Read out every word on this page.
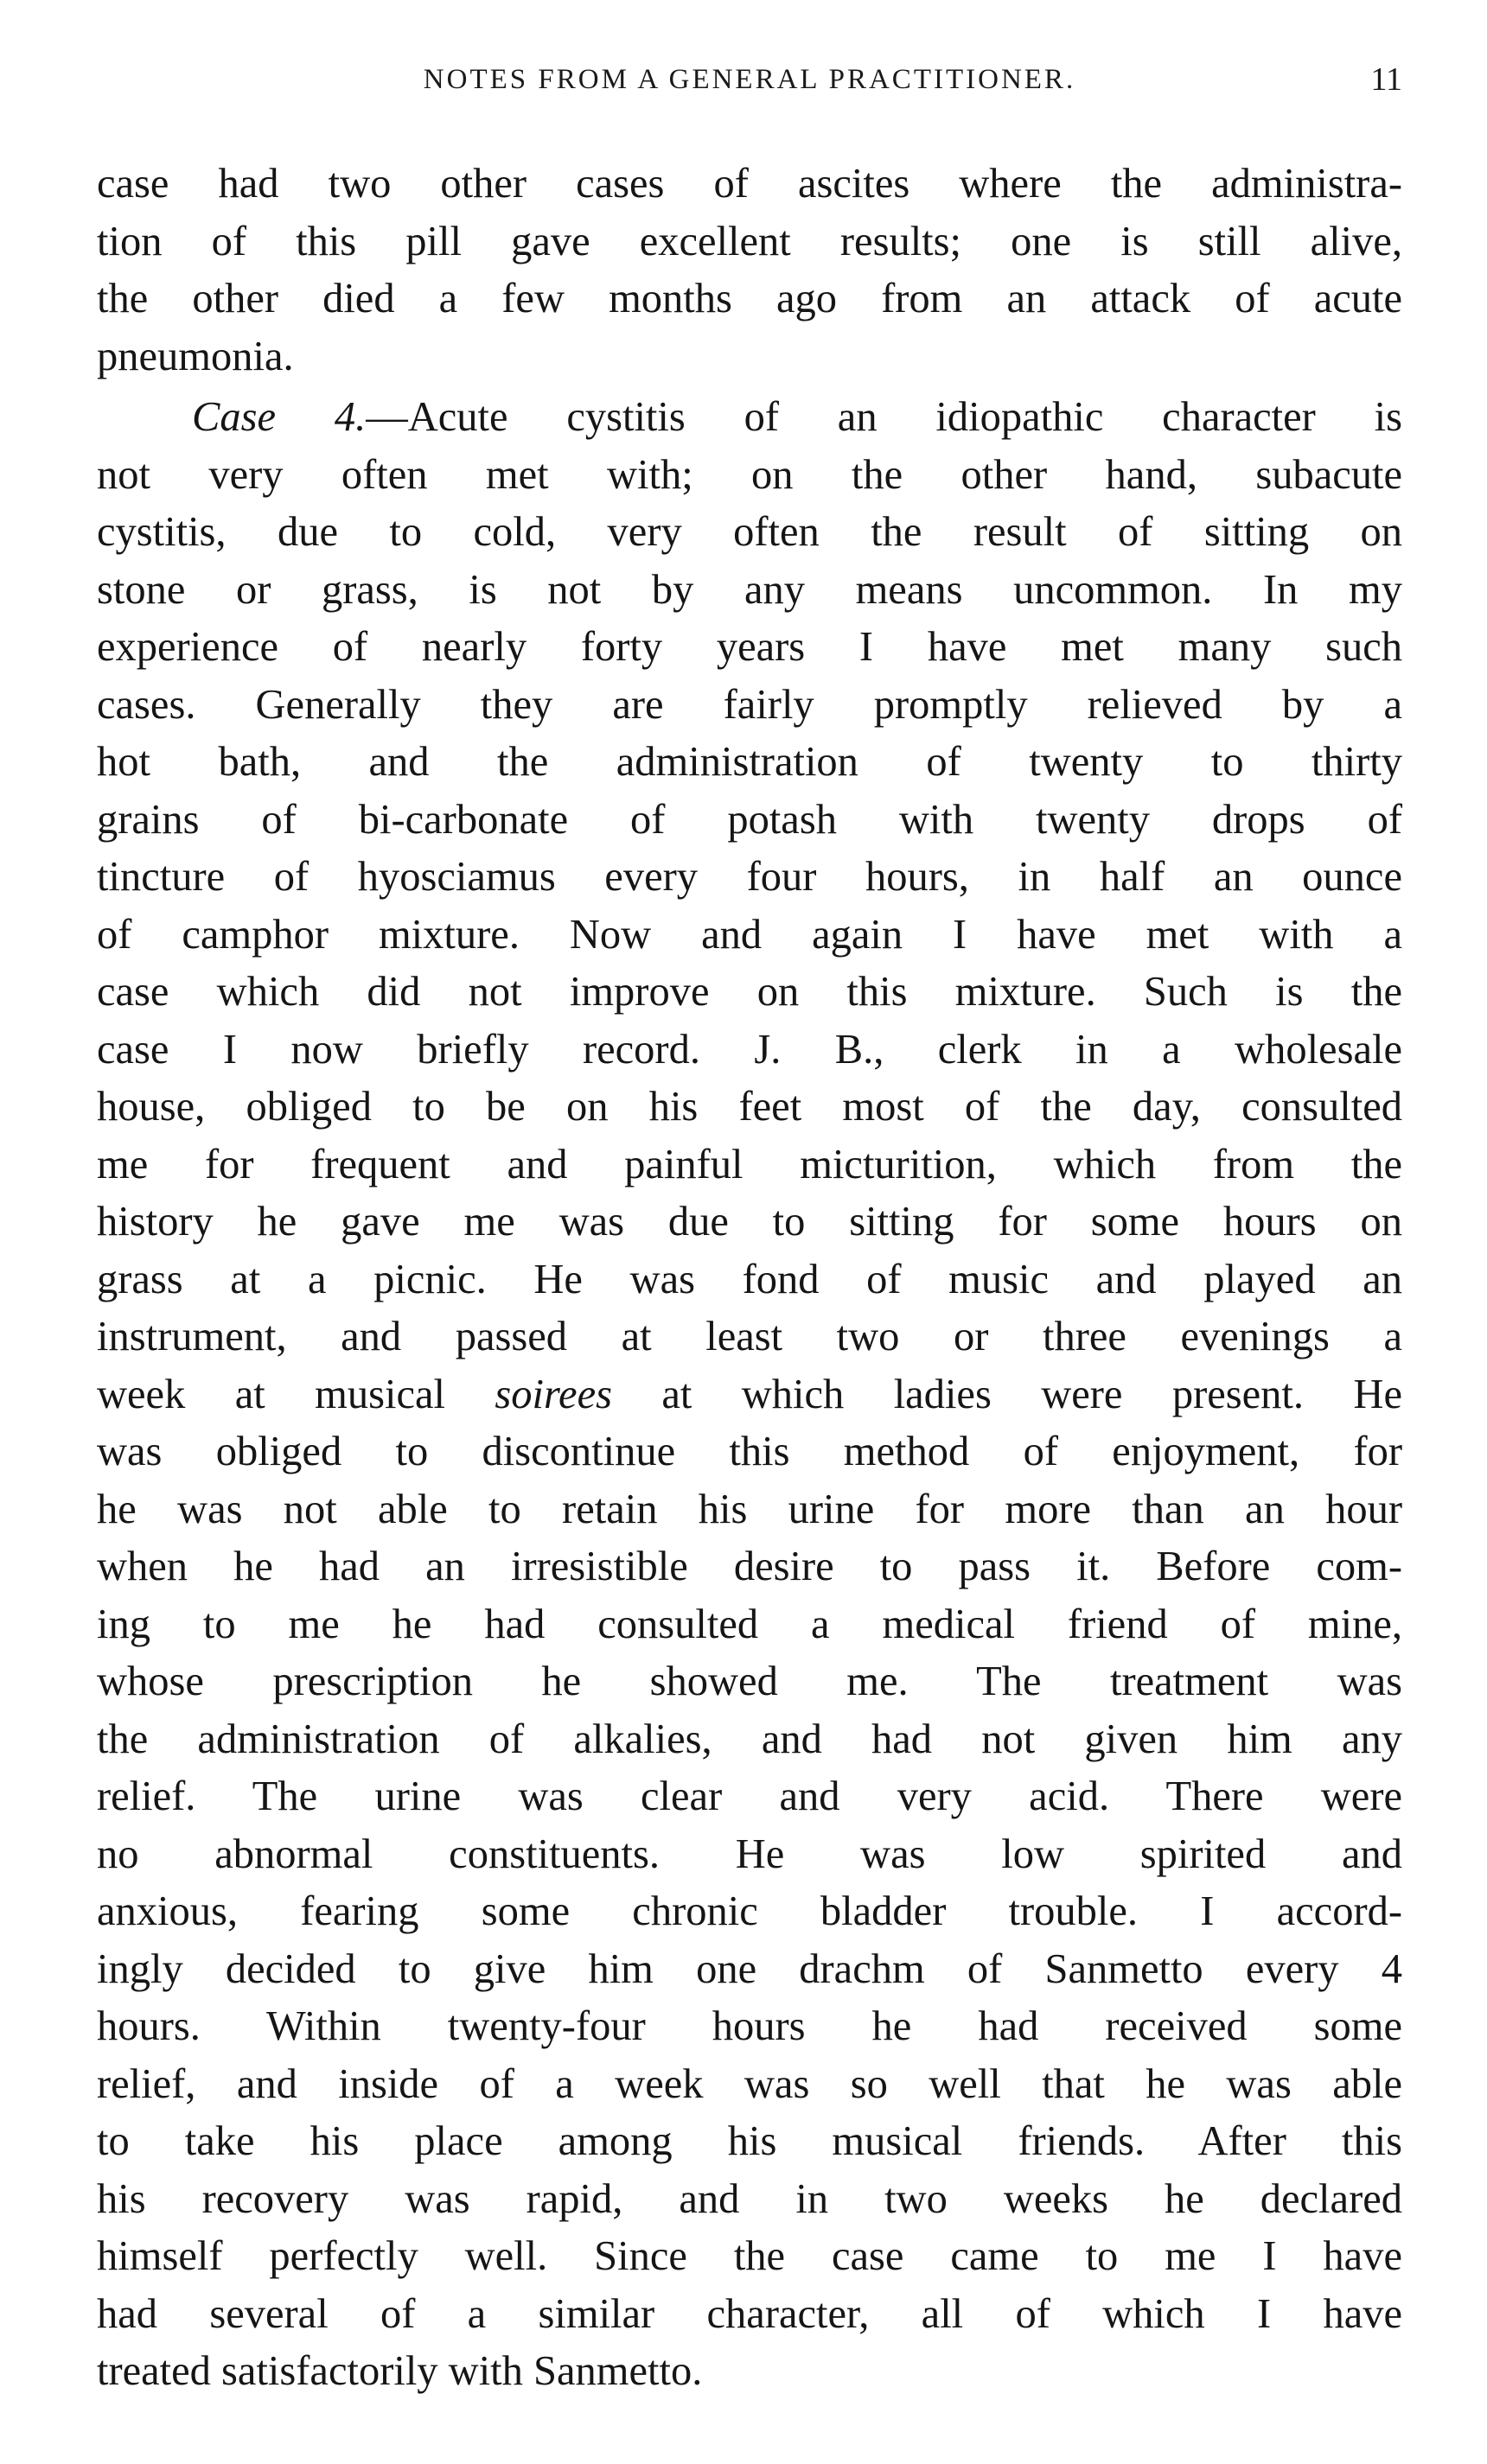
NOTES FROM A GENERAL PRACTITIONER.	11
case had two other cases of ascites where the administra-
tion of this pill gave excellent results; one is still alive,
the other died a few months ago from an attack of acute
pneumonia.
Case 4.—Acute cystitis of an idiopathic character is
not very often met with; on the other hand, subacute
cystitis, due to cold, very often the result of sitting on
stone or grass, is not by any means uncommon. In my
experience of nearly forty years I have met many such
cases. Generally they are fairly promptly relieved by a
hot bath, and the administration of twenty to thirty
grains of bi-carbonate of potash with twenty drops of
tincture of hyosciamus every four hours, in half an ounce
of camphor mixture. Now and again I have met with a
case which did not improve on this mixture. Such is the
case I now briefly record. J. B., clerk in a wholesale
house, obliged to be on his feet most of the day, consulted
me for frequent and painful micturition, which from the
history he gave me was due to sitting for some hours on
grass at a picnic. He was fond of music and played an
instrument, and passed at least two or three evenings a
week at musical soirees at which ladies were present. He
was obliged to discontinue this method of enjoyment, for
he was not able to retain his urine for more than an hour
when he had an irresistible desire to pass it. Before com-
ing to me he had consulted a medical friend of mine,
whose prescription he showed me. The treatment was
the administration of alkalies, and had not given him any
relief. The urine was clear and very acid. There were
no abnormal constituents. He was low spirited and
anxious, fearing some chronic bladder trouble. I accord-
ingly decided to give him one drachm of Sanmetto every 4
hours. Within twenty-four hours he had received some
relief, and inside of a week was so well that he was able
to take his place among his musical friends. After this
his recovery was rapid, and in two weeks he declared
himself perfectly well. Since the case came to me I have
had several of a similar character, all of which I have
treated satisfactorily with Sanmetto.
